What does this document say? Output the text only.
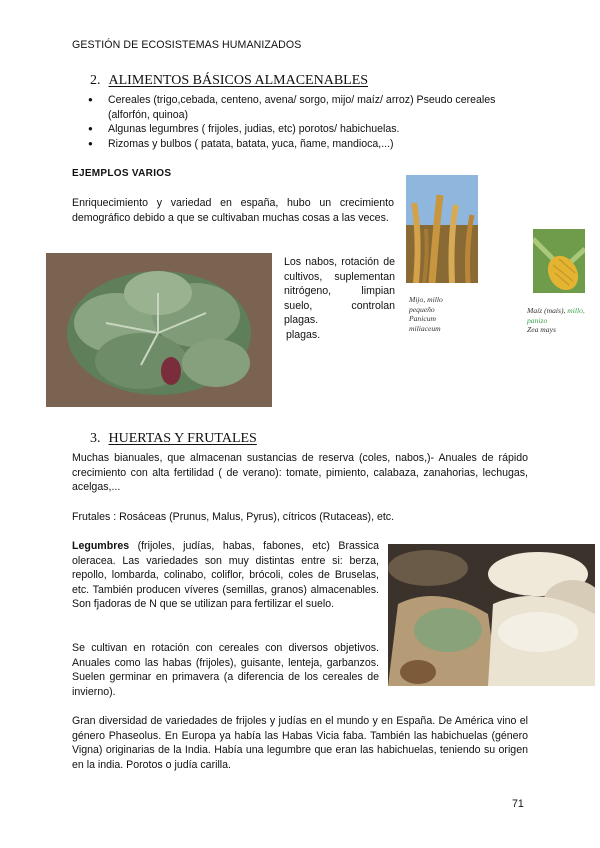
GESTIÓN DE ECOSISTEMAS HUMANIZADOS
2. ALIMENTOS BÁSICOS ALMACENABLES
● Cereales (trigo,cebada, centeno, avena/ sorgo, mijo/ maíz/ arroz) Pseudo cereales (alforfón, quinoa)
● Algunas legumbres ( frijoles, judias, etc) porotos/ habichuelas.
● Rizomas y bulbos ( patata, batata, yuca, ñame, mandioca,...)
EJEMPLOS VARIOS
Enriquecimiento y variedad en españa, hubo un crecimiento demográfico debido a que se cultivaban muchas cosas a las veces.
Los nabos, rotación de cultivos, suplementan nitrógeno, limpian suelo, controlan plagas.
plagas.
Mijo, millo
pequeño
Panicum
miliaceum
Maíz (maís), millo,
panizo
Zea mays
3. HUERTAS Y FRUTALES
Muchas bianuales, que almacenan sustancias de reserva (coles, nabos,)- Anuales de rápido crecimiento con alta fertilidad ( de verano): tomate, pimiento, calabaza, zanahorias, lechugas, acelgas,...
Frutales : Rosáceas (Prunus, Malus, Pyrus), cítricos (Rutaceas), etc.
Legumbres (frijoles, judías, habas, fabones, etc) Brassica oleracea. Las variedades son muy distintas entre si: berza, repollo, lombarda, colinabo, coliflor, brócoli, coles de Bruselas, etc. También producen víveres (semillas, granos) almacenables. Son fjadoras de N que se utilizan para fertilizar el suelo.
Se cultivan en rotación con cereales con diversos objetivos. Anuales como las habas (frijoles), guisante, lenteja, garbanzos. Suelen germinar en primavera (a diferencia de los cereales de invierno).
Gran diversidad de variedades de frijoles y judías en el mundo y en España. De América vino el género Phaseolus. En Europa ya había las Habas Vicia faba. También las habichuelas (género Vigna) originarias de la India. Había una legumbre que eran las habichuelas, teniendo su origen en la india. Porotos o judía carilla.
71
